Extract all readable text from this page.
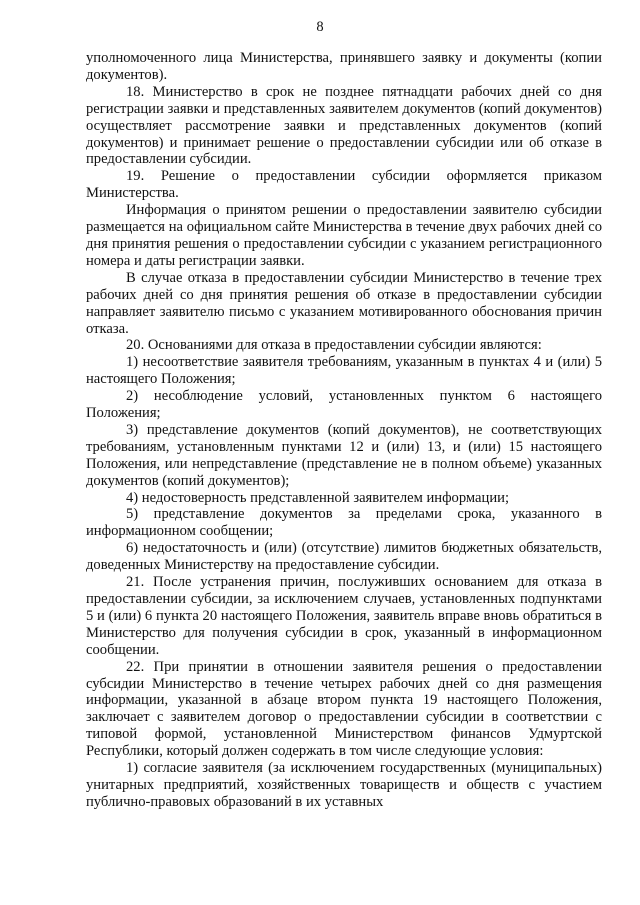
8

уполномоченного лица Министерства, принявшего заявку и документы (копии документов).

18. Министерство в срок не позднее пятнадцати рабочих дней со дня регистрации заявки и представленных заявителем документов (копий документов) осуществляет рассмотрение заявки и представленных документов (копий документов) и принимает решение о предоставлении субсидии или об отказе в предоставлении субсидии.

19. Решение о предоставлении субсидии оформляется приказом Министерства.

Информация о принятом решении о предоставлении заявителю субсидии размещается на официальном сайте Министерства в течение двух рабочих дней со дня принятия решения о предоставлении субсидии с указанием регистрационного номера и даты регистрации заявки.

В случае отказа в предоставлении субсидии Министерство в течение трех рабочих дней со дня принятия решения об отказе в предоставлении субсидии направляет заявителю письмо с указанием мотивированного обоснования причин отказа.

20. Основаниями для отказа в предоставлении субсидии являются:

1) несоответствие заявителя требованиям, указанным в пунктах 4 и (или) 5 настоящего Положения;

2) несоблюдение условий, установленных пунктом 6 настоящего Положения;

3) представление документов (копий документов), не соответствующих требованиям, установленным пунктами 12 и (или) 13, и (или) 15 настоящего Положения, или непредставление (представление не в полном объеме) указанных документов (копий документов);

4) недостоверность представленной заявителем информации;

5) представление документов за пределами срока, указанного в информационном сообщении;

6) недостаточность и (или) (отсутствие) лимитов бюджетных обязательств, доведенных Министерству на предоставление субсидии.

21. После устранения причин, послуживших основанием для отказа в предоставлении субсидии, за исключением случаев, установленных подпунктами 5 и (или) 6 пункта 20 настоящего Положения, заявитель вправе вновь обратиться в Министерство для получения субсидии в срок, указанный в информационном сообщении.

22. При принятии в отношении заявителя решения о предоставлении субсидии Министерство в течение четырех рабочих дней со дня размещения информации, указанной в абзаце втором пункта 19 настоящего Положения, заключает с заявителем договор о предоставлении субсидии в соответствии с типовой формой, установленной Министерством финансов Удмуртской Республики, который должен содержать в том числе следующие условия:

1) согласие заявителя (за исключением государственных (муниципальных) унитарных предприятий, хозяйственных товариществ и обществ с участием публично-правовых образований в их уставных
